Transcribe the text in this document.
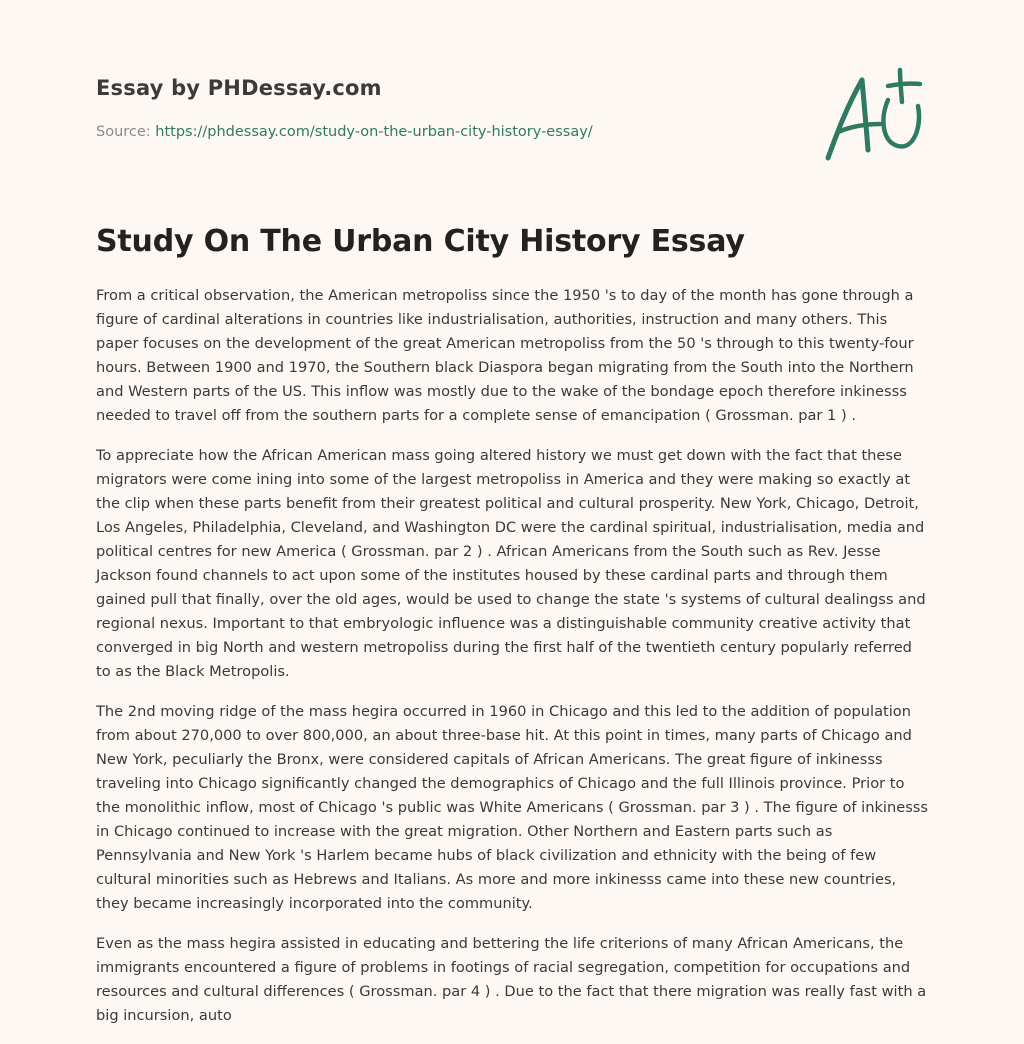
Essay by PHDessay.com
Source: https://phdessay.com/study-on-the-urban-city-history-essay/
Study On The Urban City History Essay

From a critical observation, the American metropoliss since the 1950 's to day of the month has gone through a figure of cardinal alterations in countries like industrialisation, authorities, instruction and many others. This paper focuses on the development of the great American metropoliss from the 50 's through to this twenty-four hours. Between 1900 and 1970, the Southern black Diaspora began migrating from the South into the Northern and Western parts of the US. This inflow was mostly due to the wake of the bondage epoch therefore inkinesss needed to travel off from the southern parts for a complete sense of emancipation ( Grossman. par 1 ) .

To appreciate how the African American mass going altered history we must get down with the fact that these migrators were come ining into some of the largest metropoliss in America and they were making so exactly at the clip when these parts benefit from their greatest political and cultural prosperity. New York, Chicago, Detroit, Los Angeles, Philadelphia, Cleveland, and Washington DC were the cardinal spiritual, industrialisation, media and political centres for new America ( Grossman. par 2 ) . African Americans from the South such as Rev. Jesse Jackson found channels to act upon some of the institutes housed by these cardinal parts and through them gained pull that finally, over the old ages, would be used to change the state 's systems of cultural dealingss and regional nexus. Important to that embryologic influence was a distinguishable community creative activity that converged in big North and western metropoliss during the first half of the twentieth century popularly referred to as the Black Metropolis.

The 2nd moving ridge of the mass hegira occurred in 1960 in Chicago and this led to the addition of population from about 270,000 to over 800,000, an about three-base hit. At this point in times, many parts of Chicago and New York, peculiarly the Bronx, were considered capitals of African Americans. The great figure of inkinesss traveling into Chicago significantly changed the demographics of Chicago and the full Illinois province. Prior to the monolithic inflow, most of Chicago 's public was White Americans ( Grossman. par 3 ) . The figure of inkinesss in Chicago continued to increase with the great migration. Other Northern and Eastern parts such as Pennsylvania and New York 's Harlem became hubs of black civilization and ethnicity with the being of few cultural minorities such as Hebrews and Italians. As more and more inkinesss came into these new countries, they became increasingly incorporated into the community.

Even as the mass hegira assisted in educating and bettering the life criterions of many African Americans, the immigrants encountered a figure of problems in footings of racial segregation, competition for occupations and resources and cultural differences ( Grossman. par 4 ) . Due to the fact that there migration was really fast with a big incursion, auto
